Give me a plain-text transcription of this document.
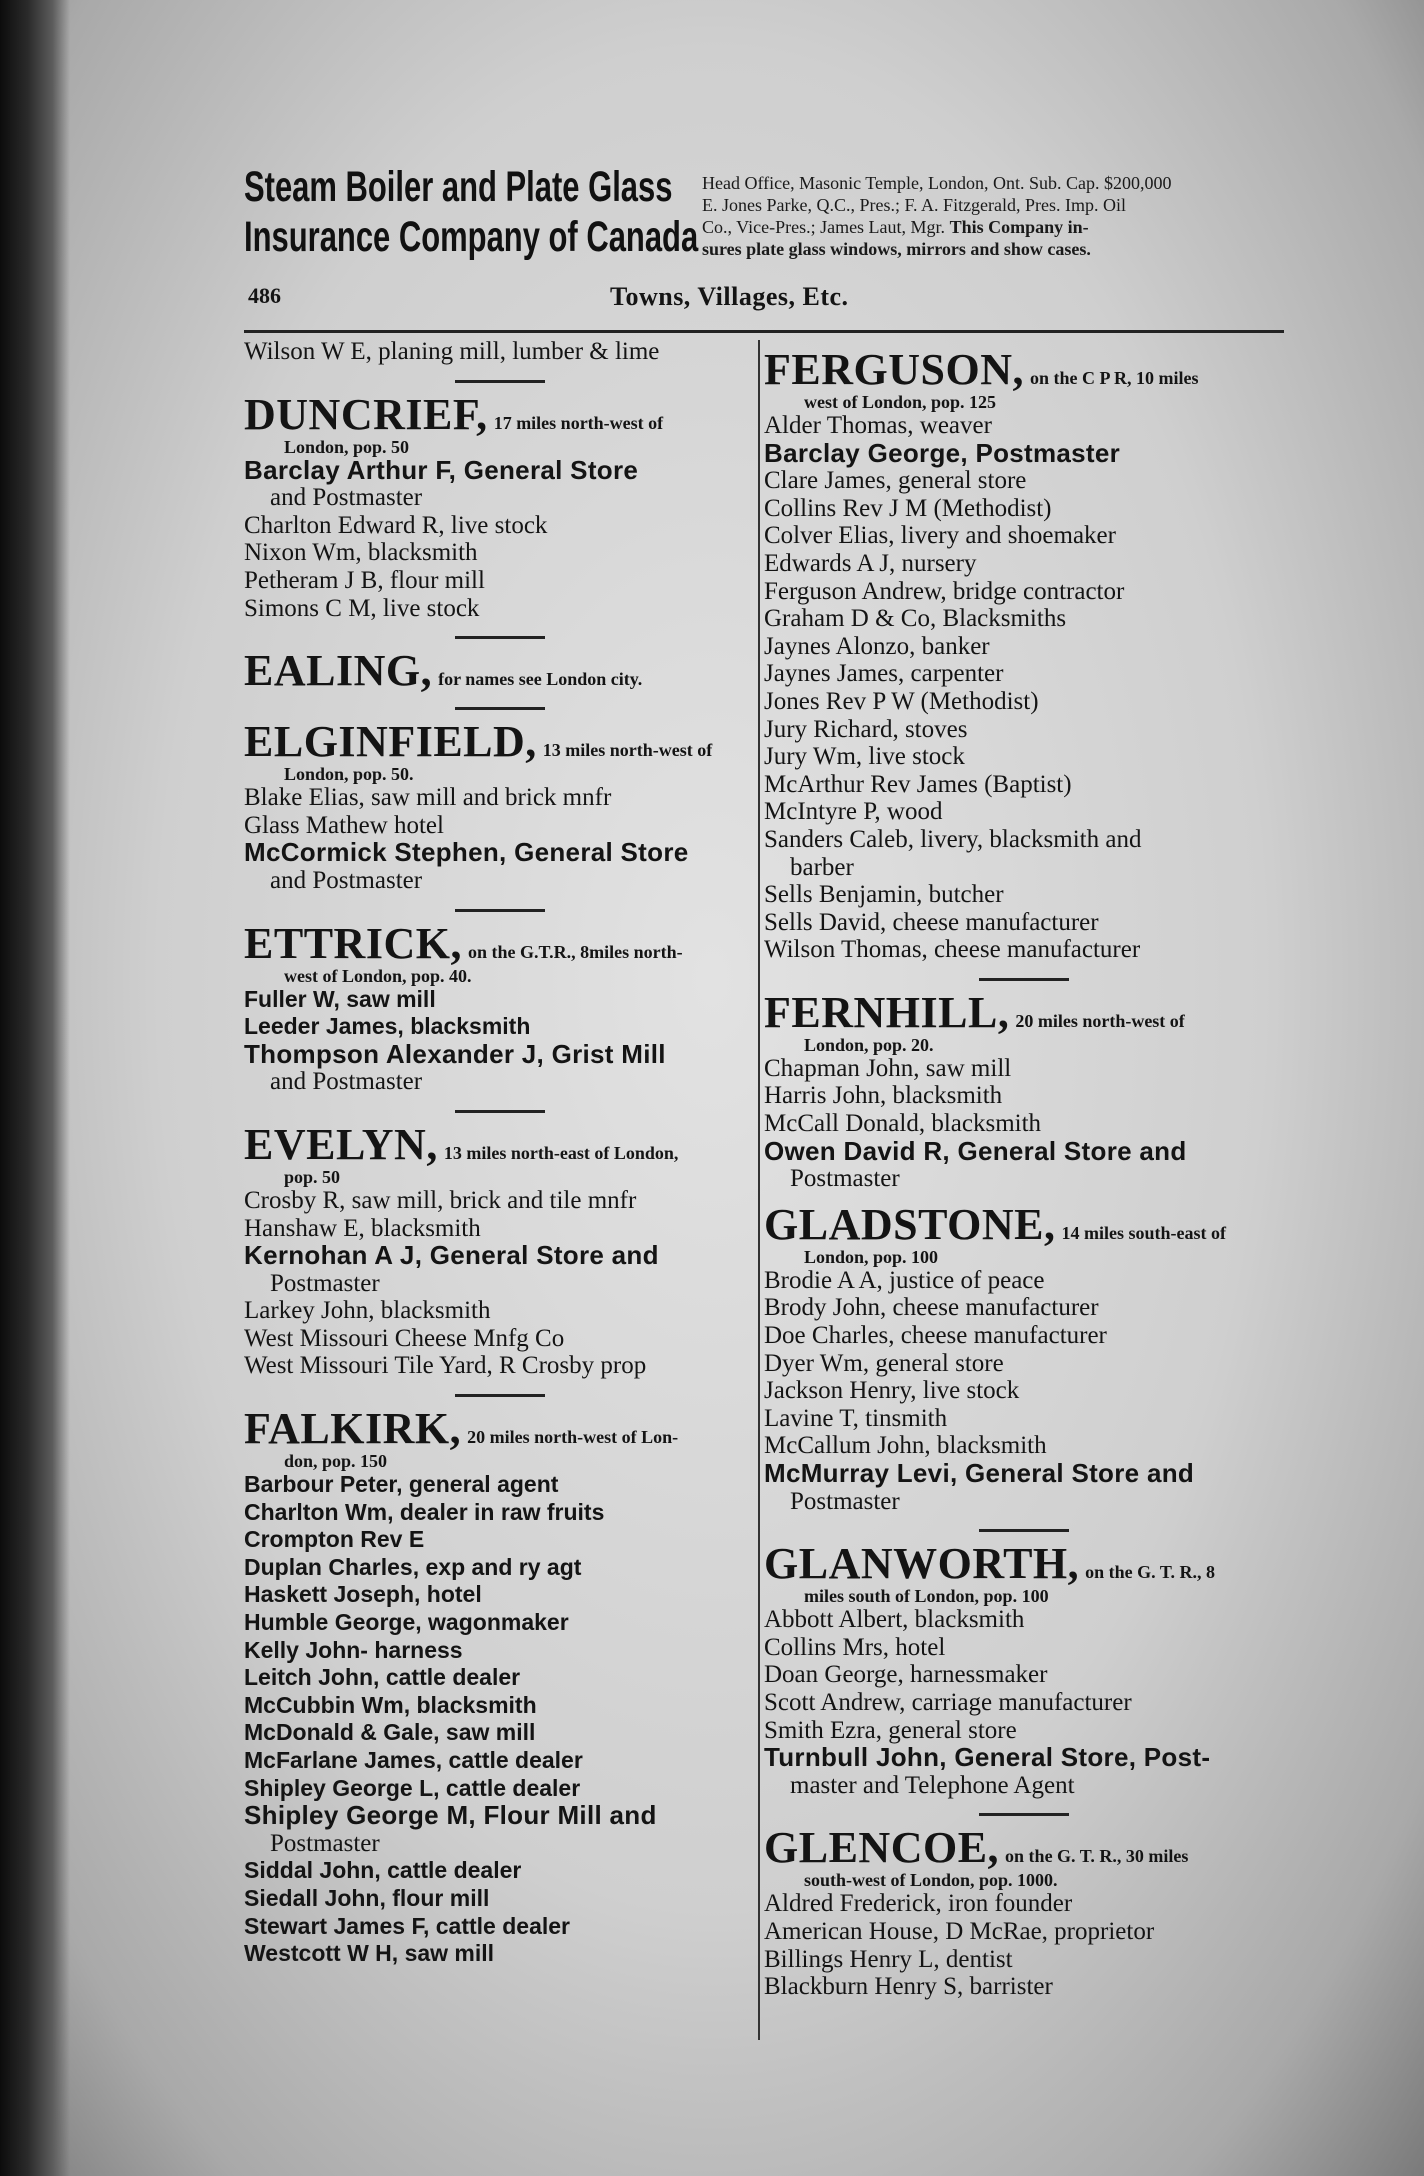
Steam Boiler and Plate Glass
Insurance Company of Canada
Head Office, Masonic Temple, London, Ont. Sub. Cap. $200,000
E. Jones Parke, Q.C., Pres.; F. A. Fitzgerald, Pres. Imp. Oil
Co., Vice-Pres.; James Laut, Mgr. This Company in-
sures plate glass windows, mirrors and show cases.
486	Towns, Villages, Etc.
Wilson W E, planing mill, lumber & lime
DUNCRIEF, 17 miles north-west of
London, pop. 50
Barclay Arthur F, General Store
and Postmaster
Charlton Edward R, live stock
Nixon Wm, blacksmith
Petheram J B, flour mill
Simons C M, live stock
EALING, for names see London city.
ELGINFIELD, 13 miles north-west of
London, pop. 50.
Blake Elias, saw mill and brick mnfr
Glass Mathew hotel
McCormick Stephen, General Store
and Postmaster
ETTRICK, on the G.T.R., 8miles north-
west of London, pop. 40.
Fuller W, saw mill
Leeder James, blacksmith
Thompson Alexander J, Grist Mill
and Postmaster
EVELYN, 13 miles north-east of London,
pop. 50
Crosby R, saw mill, brick and tile mnfr
Hanshaw E, blacksmith
Kernohan A J, General Store and
Postmaster
Larkey John, blacksmith
West Missouri Cheese Mnfg Co
West Missouri Tile Yard, R Crosby prop
FALKIRK, 20 miles north-west of Lon-
don, pop. 150
Barbour Peter, general agent
Charlton Wm, dealer in raw fruits
Crompton Rev E
Duplan Charles, exp and ry agt
Haskett Joseph, hotel
Humble George, wagonmaker
Kelly John- harness
Leitch John, cattle dealer
McCubbin Wm, blacksmith
McDonald & Gale, saw mill
McFarlane James, cattle dealer
Shipley George L, cattle dealer
Shipley George M, Flour Mill and
Postmaster
Siddal John, cattle dealer
Siedall John, flour mill
Stewart James F, cattle dealer
Westcott W H, saw mill
FERGUSON, on the C P R, 10 miles
west of London, pop. 125
Alder Thomas, weaver
Barclay George, Postmaster
Clare James, general store
Collins Rev J M (Methodist)
Colver Elias, livery and shoemaker
Edwards A J, nursery
Ferguson Andrew, bridge contractor
Graham D & Co, Blacksmiths
Jaynes Alonzo, banker
Jaynes James, carpenter
Jones Rev P W (Methodist)
Jury Richard, stoves
Jury Wm, live stock
McArthur Rev James (Baptist)
McIntyre P, wood
Sanders Caleb, livery, blacksmith and
barber
Sells Benjamin, butcher
Sells David, cheese manufacturer
Wilson Thomas, cheese manufacturer
FERNHILL, 20 miles north-west of
London, pop. 20.
Chapman John, saw mill
Harris John, blacksmith
McCall Donald, blacksmith
Owen David R, General Store and
Postmaster
GLADSTONE, 14 miles south-east of
London, pop. 100
Brodie A A, justice of peace
Brody John, cheese manufacturer
Doe Charles, cheese manufacturer
Dyer Wm, general store
Jackson Henry, live stock
Lavine T, tinsmith
McCallum John, blacksmith
McMurray Levi, General Store and
Postmaster
GLANWORTH, on the G. T. R., 8
miles south of London, pop. 100
Abbott Albert, blacksmith
Collins Mrs, hotel
Doan George, harnessmaker
Scott Andrew, carriage manufacturer
Smith Ezra, general store
Turnbull John, General Store, Post-
master and Telephone Agent
GLENCOE, on the G. T. R., 30 miles
south-west of London, pop. 1000.
Aldred Frederick, iron founder
American House, D McRae, proprietor
Billings Henry L, dentist
Blackburn Henry S, barrister
